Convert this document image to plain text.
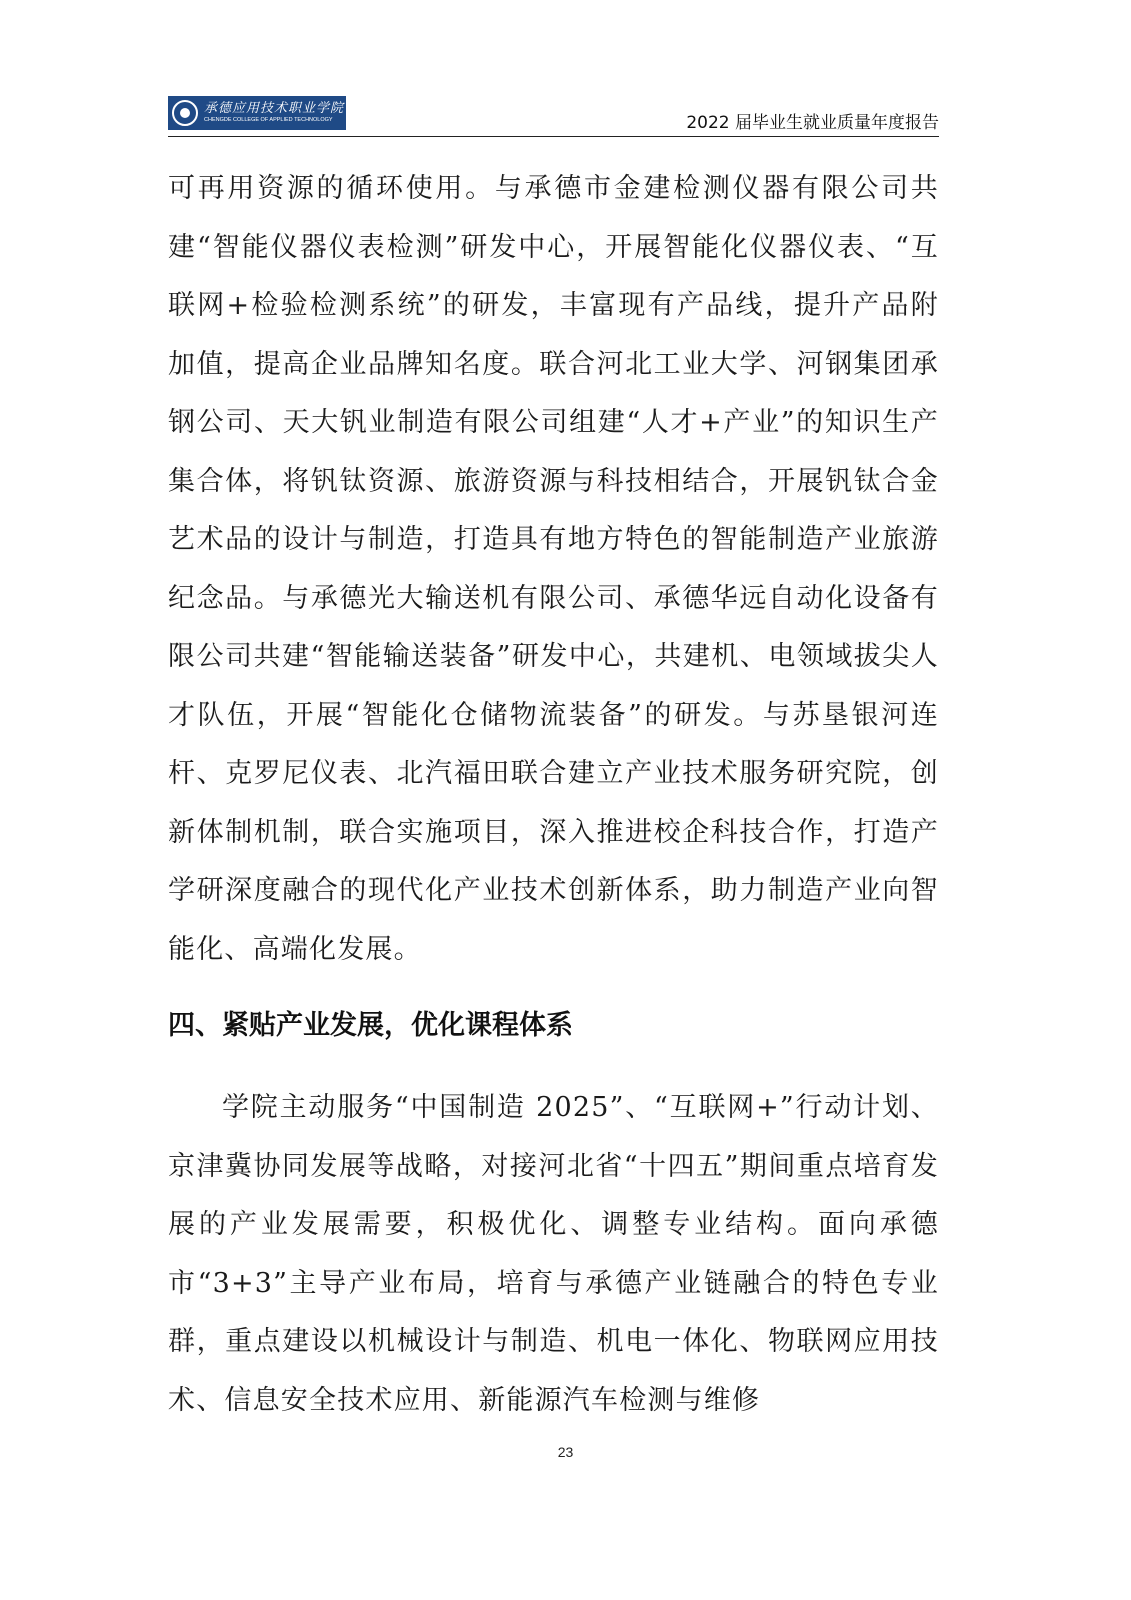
承德应用技术职业学院
CHENGDE COLLEGE OF APPLIED TECHNOLOGY	2022 届毕业生就业质量年度报告

可再用资源的循环使用。与承德市金建检测仪器有限公司共建“智能仪器仪表检测”研发中心，开展智能化仪器仪表、“互联网+检验检测系统”的研发，丰富现有产品线，提升产品附加值，提高企业品牌知名度。联合河北工业大学、河钢集团承钢公司、天大钒业制造有限公司组建“人才+产业”的知识生产集合体，将钒钛资源、旅游资源与科技相结合，开展钒钛合金艺术品的设计与制造，打造具有地方特色的智能制造产业旅游纪念品。与承德光大输送机有限公司、承德华远自动化设备有限公司共建“智能输送装备”研发中心，共建机、电领域拔尖人才队伍，开展“智能化仓储物流装备”的研发。与苏垦银河连杆、克罗尼仪表、北汽福田联合建立产业技术服务研究院，创新体制机制，联合实施项目，深入推进校企科技合作，打造产学研深度融合的现代化产业技术创新体系，助力制造产业向智能化、高端化发展。

四、紧贴产业发展，优化课程体系

学院主动服务“中国制造 2025”、“互联网+”行动计划、京津冀协同发展等战略，对接河北省“十四五”期间重点培育发展的产业发展需要，积极优化、调整专业结构。面向承德市“3+3”主导产业布局，培育与承德产业链融合的特色专业群，重点建设以机械设计与制造、机电一体化、物联网应用技术、信息安全技术应用、新能源汽车检测与维修

23
